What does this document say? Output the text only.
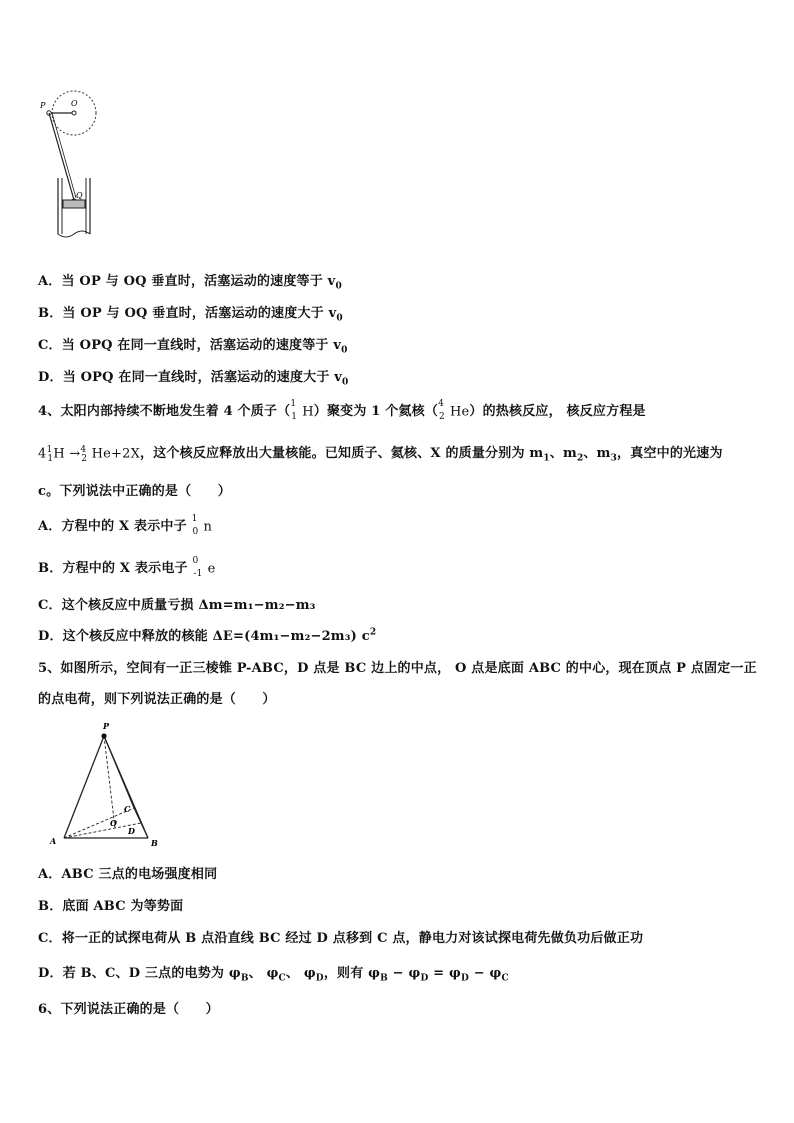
P	O
Q
A．当 OP 与 OQ 垂直时，活塞运动的速度等于 $v_0$
B．当 OP 与 OQ 垂直时，活塞运动的速度大于 $v_0$
C．当 OPQ 在同一直线时，活塞运动的速度等于 $v_0$
D．当 OPQ 在同一直线时，活塞运动的速度大于 $v_0$
4、太阳内部持续不断地发生着 4 个质子（$^1_1$ H）聚变为 1 个氦核（$^4_2$ He）的热核反应， 核反应方程是
$4^1_1H \to^4_2$ He+2X，这个核反应释放出大量核能。已知质子、氦核、X 的质量分别为 $m_1$、$m_2$、$m_3$，真空中的光速为
c。下列说法中正确的是（　　）
A．方程中的 X 表示中子 $^1_0$ n
B．方程中的 X 表示电子 $^0_{-1}$ e
C．这个核反应中质量亏损 Δm=m₁−m₂−m₃
D．这个核反应中释放的核能 ΔE=(4m₁−m₂−2m₃) $c^2$
5、如图所示，空间有一正三棱锥 P-ABC，D 点是 BC 边上的中点， O 点是底面 ABC 的中心，现在顶点 P 点固定一正
的点电荷，则下列说法正确的是（　　）
P
A	B
C
O
D
A．ABC 三点的电场强度相同
B．底面 ABC 为等势面
C．将一正的试探电荷从 B 点沿直线 BC 经过 D 点移到 C 点，静电力对该试探电荷先做负功后做正功
D．若 B、C、D 三点的电势为 $\varphi_B$、 $\varphi_C$、 $\varphi_D$，则有 $\varphi_B - \varphi_D = \varphi_D - \varphi_C$
6、下列说法正确的是（　　）
